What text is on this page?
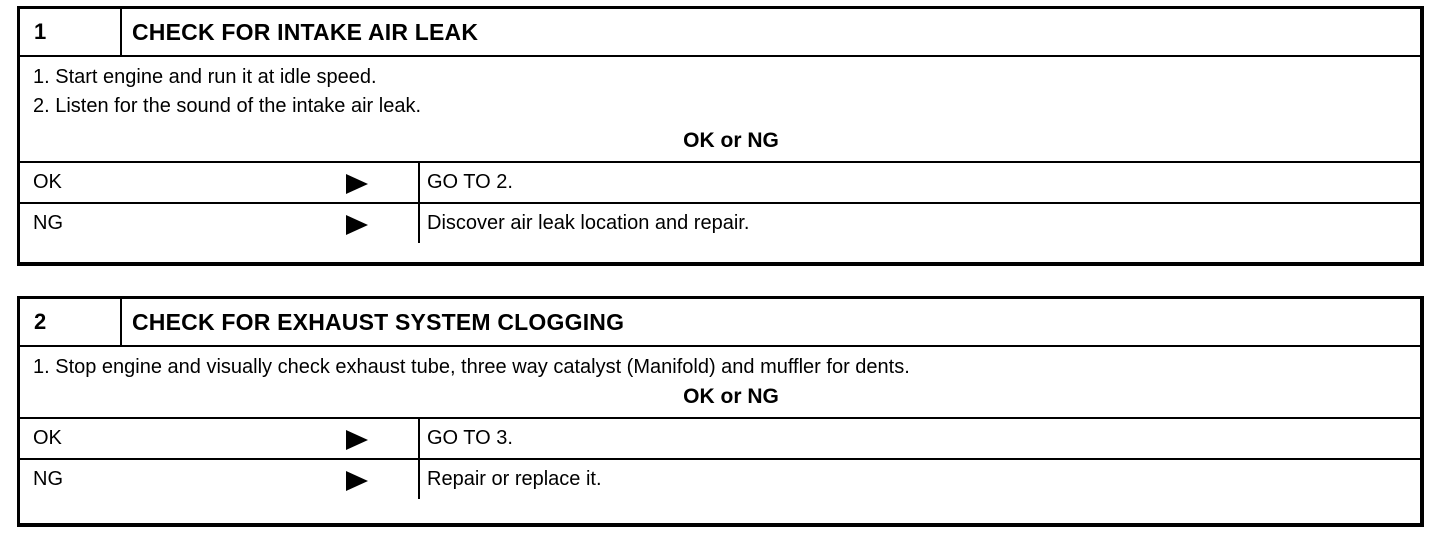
1	CHECK FOR INTAKE AIR LEAK
1. Start engine and run it at idle speed.
2. Listen for the sound of the intake air leak.
OK or NG
OK	GO TO 2.
NG	Discover air leak location and repair.
2	CHECK FOR EXHAUST SYSTEM CLOGGING
1. Stop engine and visually check exhaust tube, three way catalyst (Manifold) and muffler for dents.
OK or NG
OK	GO TO 3.
NG	Repair or replace it.
